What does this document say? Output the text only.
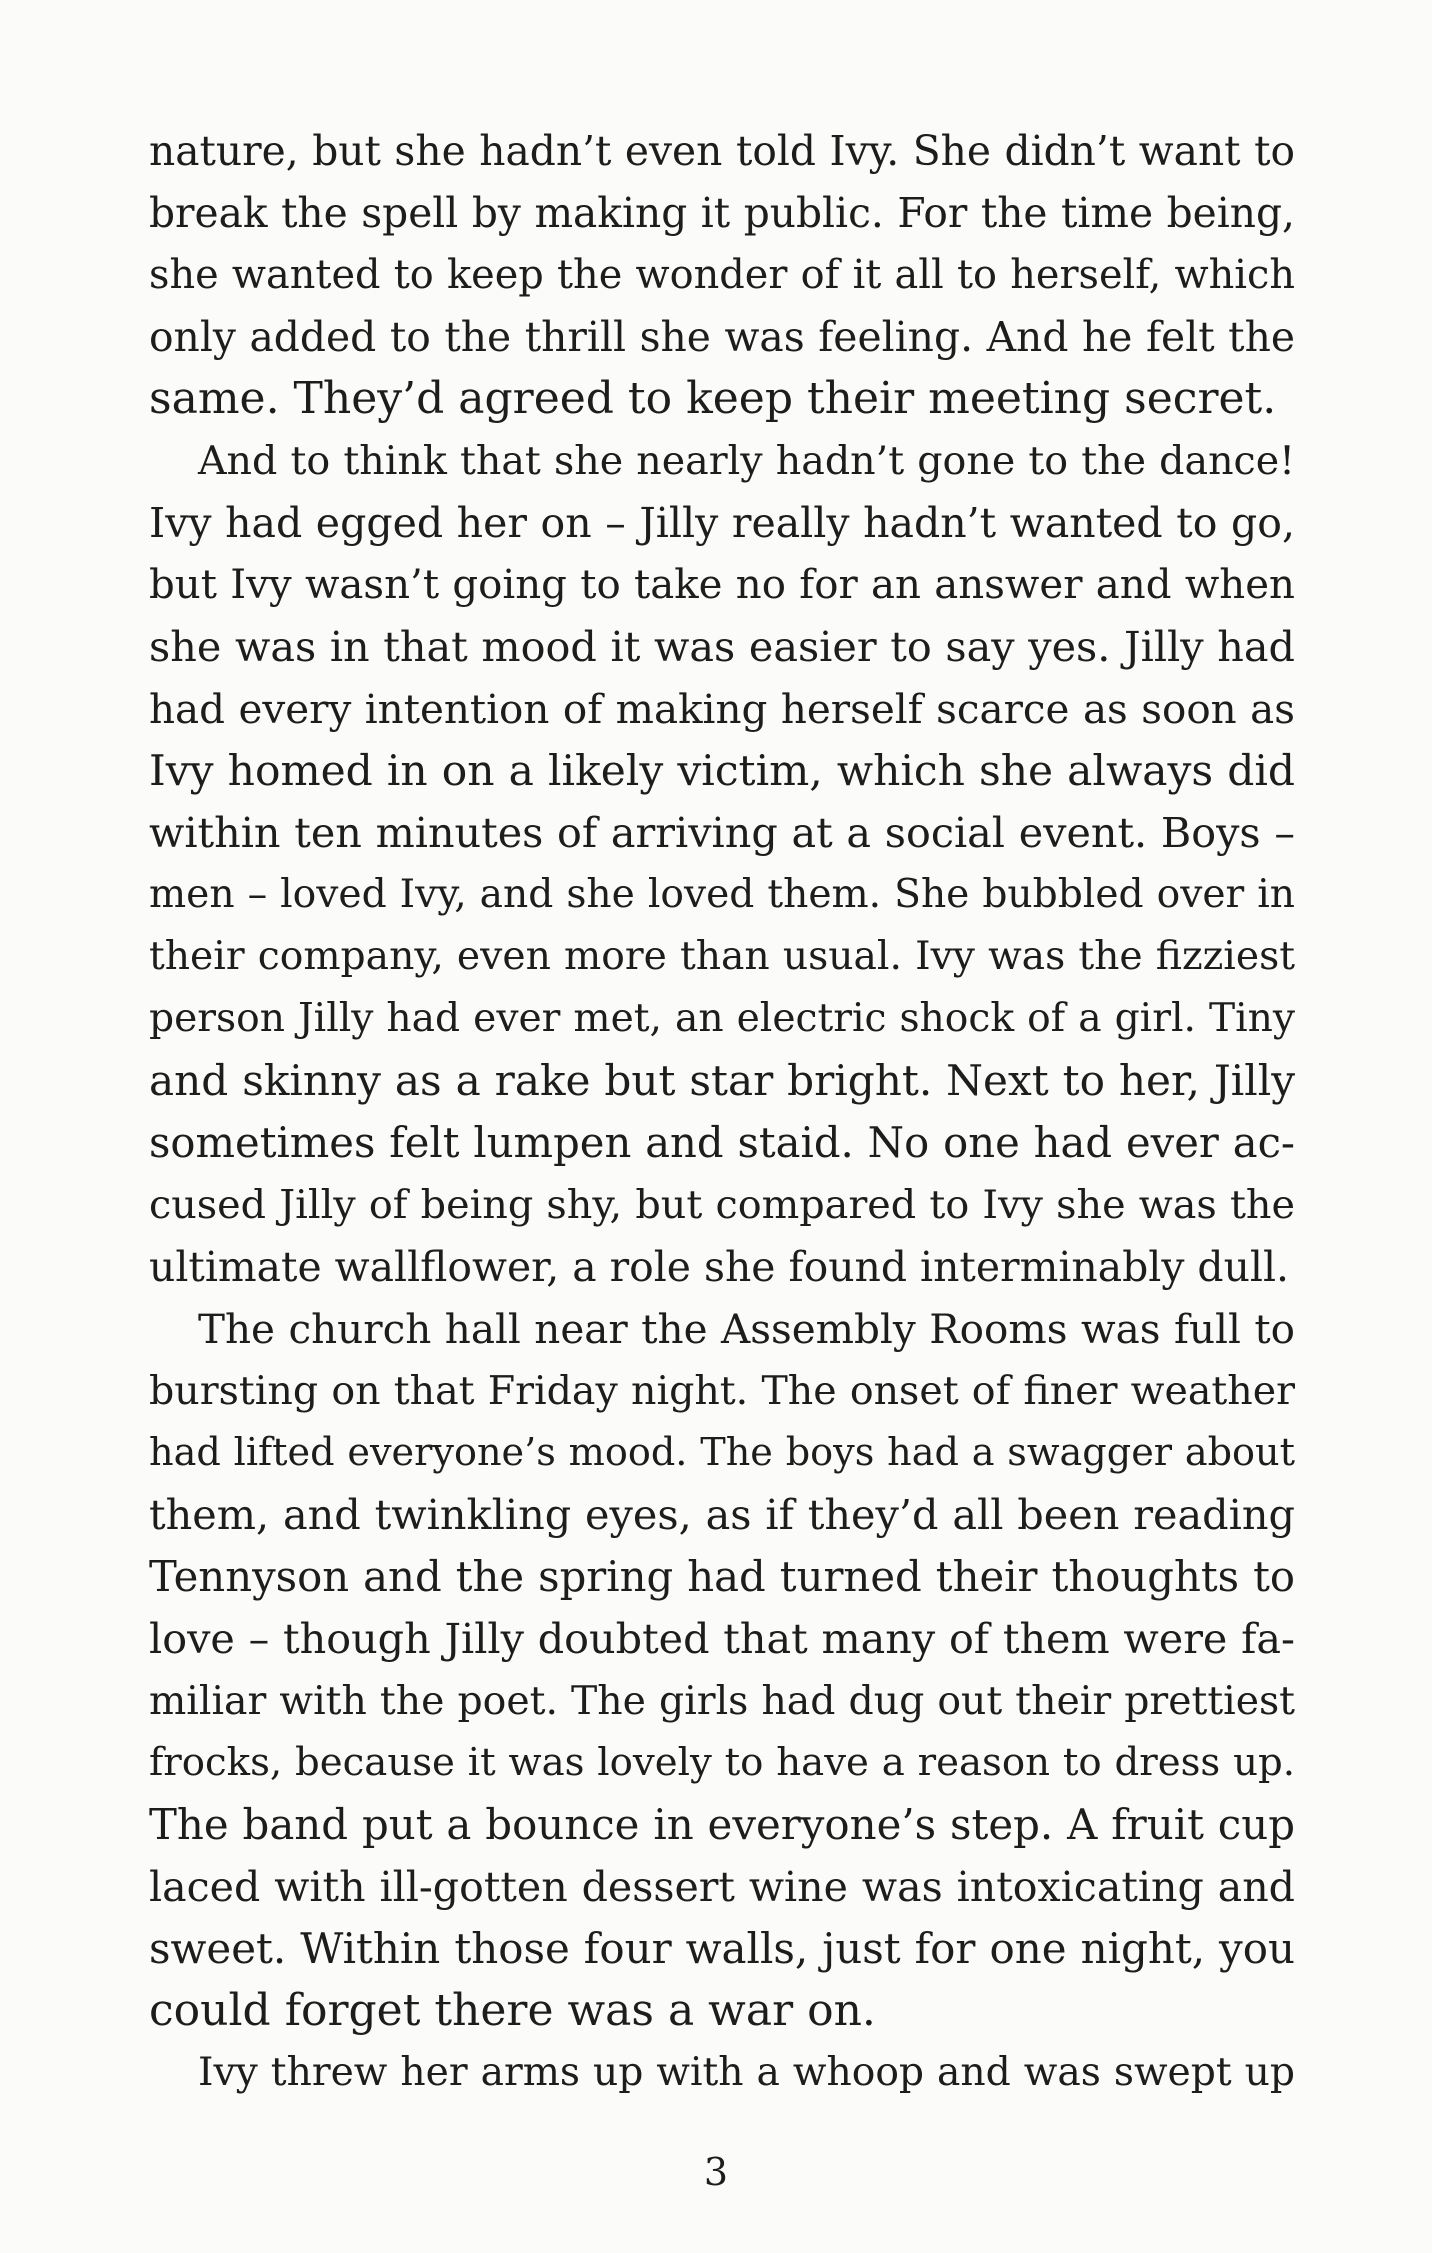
nature, but she hadn’t even told Ivy. She didn’t want to
break the spell by making it public. For the time being,
she wanted to keep the wonder of it all to herself, which
only added to the thrill she was feeling. And he felt the
same. They’d agreed to keep their meeting secret.
And to think that she nearly hadn’t gone to the dance!
Ivy had egged her on – Jilly really hadn’t wanted to go,
but Ivy wasn’t going to take no for an answer and when
she was in that mood it was easier to say yes. Jilly had
had every intention of making herself scarce as soon as
Ivy homed in on a likely victim, which she always did
within ten minutes of arriving at a social event. Boys –
men – loved Ivy, and she loved them. She bubbled over in
their company, even more than usual. Ivy was the fizziest
person Jilly had ever met, an electric shock of a girl. Tiny
and skinny as a rake but star bright. Next to her, Jilly
sometimes felt lumpen and staid. No one had ever ac-
cused Jilly of being shy, but compared to Ivy she was the
ultimate wallflower, a role she found interminably dull.
The church hall near the Assembly Rooms was full to
bursting on that Friday night. The onset of finer weather
had lifted everyone’s mood. The boys had a swagger about
them, and twinkling eyes, as if they’d all been reading
Tennyson and the spring had turned their thoughts to
love – though Jilly doubted that many of them were fa-
miliar with the poet. The girls had dug out their prettiest
frocks, because it was lovely to have a reason to dress up.
The band put a bounce in everyone’s step. A fruit cup
laced with ill-gotten dessert wine was intoxicating and
sweet. Within those four walls, just for one night, you
could forget there was a war on.
Ivy threw her arms up with a whoop and was swept up
3
